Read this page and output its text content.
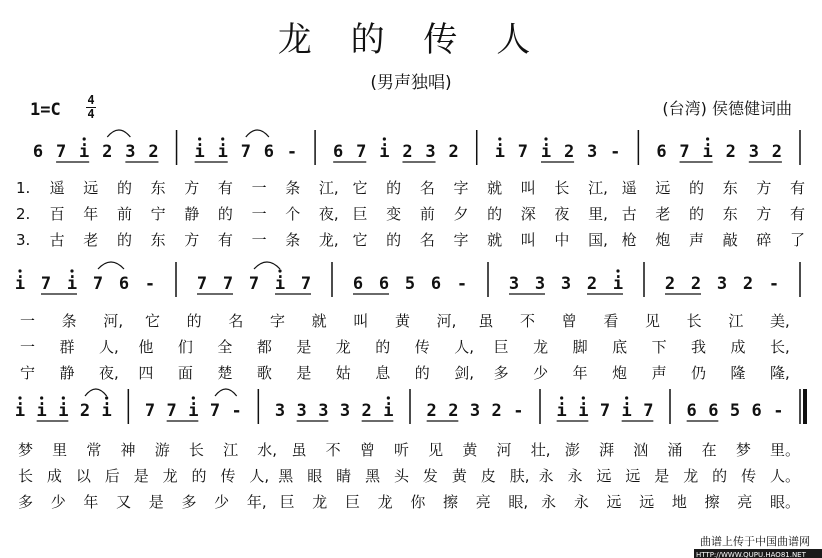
龙 的 传 人
(男声独唱)
1=C 4
4	(台湾) 侯德健词曲
6 7 i 2 3 2 i i 7 6 - 6 7 i 2 3 2 i 7 i 2 3 - 6 7 i 2 3 2
i 7 i 7 6 - 7 7 7 i 7 6 6 5 6 - 3 3 3 2 i 2 2 3 2 -
i i i 2 i 7 7 i 7 - 3 3 3 3 2 i 2 2 3 2 - i i 7 i 7 6 6 5 6 -
1. 遥 远 的 东 方 有 一 条 江, 它 的 名 字 就 叫 长 江, 遥 远 的 东 方 有
2. 百 年 前 宁 静 的 一 个 夜, 巨 变 前 夕 的 深 夜 里, 古 老 的 东 方 有
3. 古 老 的 东 方 有 一 条 龙, 它 的 名 字 就 叫 中 国, 枪 炮 声 敲 碎 了
一 条 河, 它 的 名 字 就 叫 黄 河, 虽 不 曾 看 见 长 江 美,
一 群 人, 他 们 全 都 是 龙 的 传 人, 巨 龙 脚 底 下 我 成 长,
宁 静 夜, 四 面 楚 歌 是 姑 息 的 剑, 多 少 年 炮 声 仍 隆 隆,
梦 里 常 神 游 长 江 水, 虽 不 曾 听 见 黄 河 壮, 澎 湃 汹 涌 在 梦 里。
长 成 以 后 是 龙 的 传 人, 黑 眼 睛 黑 头 发 黄 皮 肤, 永 永 远 远 是 龙 的 传 人。
多 少 年 又 是 多 少 年, 巨 龙 巨 龙 你 擦 亮 眼, 永 永 远 远 地 擦 亮 眼。
曲谱上传于中国曲谱网
HTTP://WWW.QUPU.HAO81.NET
